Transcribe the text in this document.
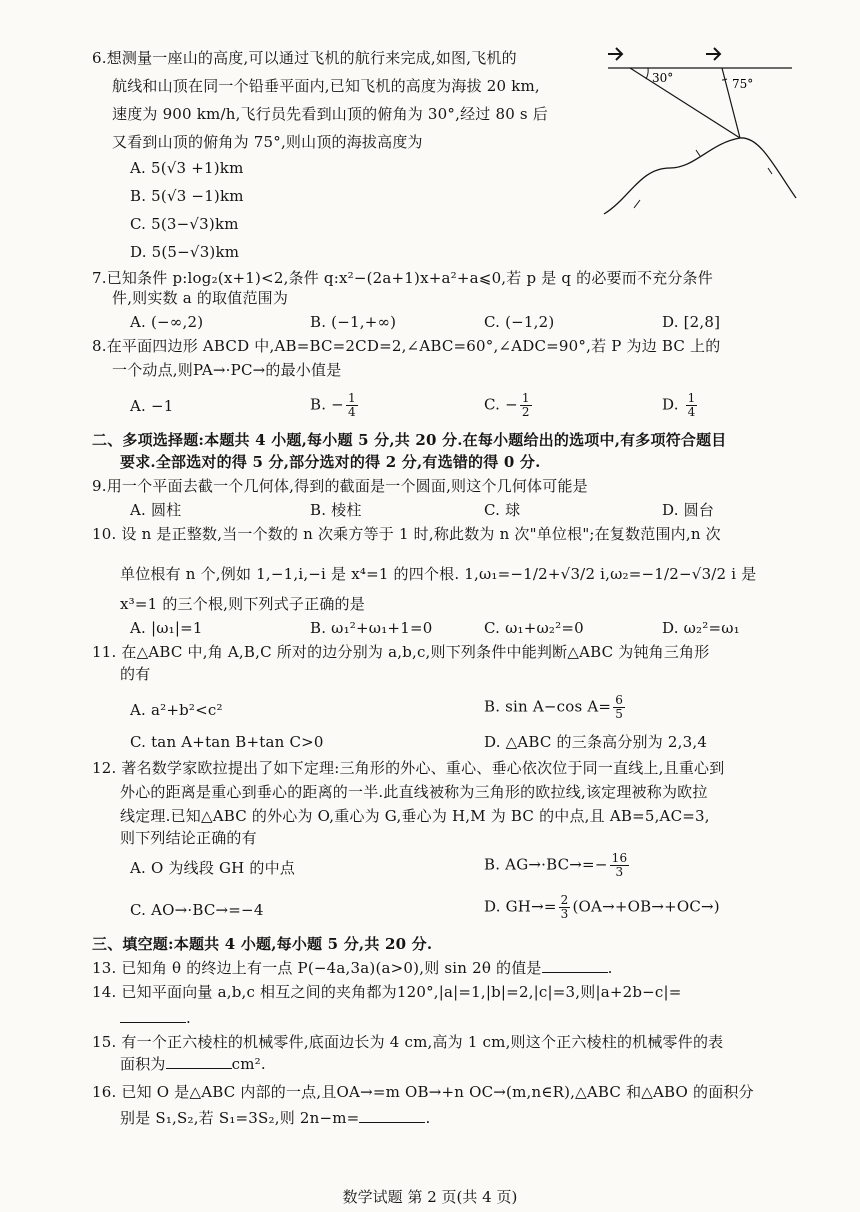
6.想测量一座山的高度,可以通过飞机的航行来完成,如图,飞机的
航线和山顶在同一个铅垂平面内,已知飞机的高度为海拔 20 km,
速度为 900 km/h,飞行员先看到山顶的俯角为 30°,经过 80 s 后
又看到山顶的俯角为 75°,则山顶的海拔高度为
A. 5(√3 +1)km
B. 5(√3 −1)km
C. 5(3−√3)km
D. 5(5−√3)km
30°	75°
7.已知条件 p:log₂(x+1)<2,条件 q:x²−(2a+1)x+a²+a⩽0,若 p 是 q 的必要而不充分条件
件,则实数 a 的取值范围为
A. (−∞,2)	B. (−1,+∞)	C. (−1,2)	D. [2,8]
8.在平面四边形 ABCD 中,AB=BC=2CD=2,∠ABC=60°,∠ADC=90°,若 P 为边 BC 上的
一个动点,则PA→·PC→的最小值是
A. −1	B. − $\frac{1}{4}$	C. − $\frac{1}{2}$	D. $\frac{1}{4}$
二、多项选择题:本题共 4 小题,每小题 5 分,共 20 分.在每小题给出的选项中,有多项符合题目
要求.全部选对的得 5 分,部分选对的得 2 分,有选错的得 0 分.
9.用一个平面去截一个几何体,得到的截面是一个圆面,则这个几何体可能是
A. 圆柱	B. 棱柱	C. 球	D. 圆台
10. 设 n 是正整数,当一个数的 n 次乘方等于 1 时,称此数为 n 次"单位根";在复数范围内,n 次
单位根有 n 个,例如 1,−1,i,−i 是 x⁴=1 的四个根. 1,ω₁=−1/2+√3/2 i,ω₂=−1/2−√3/2 i 是
x³=1 的三个根,则下列式子正确的是
A. |ω₁|=1	B. ω₁²+ω₁+1=0	C. ω₁+ω₂²=0	D. ω₂²=ω₁
11. 在△ABC 中,角 A,B,C 所对的边分别为 a,b,c,则下列条件中能判断△ABC 为钝角三角形
的有
A. a²+b²<c²	B. sin A−cos $A= \frac{6}{5}$
C. tan A+tan B+tan C>0	D. △ABC 的三条高分别为 2,3,4
12. 著名数学家欧拉提出了如下定理:三角形的外心、重心、垂心依次位于同一直线上,且重心到
外心的距离是重心到垂心的距离的一半.此直线被称为三角形的欧拉线,该定理被称为欧拉
线定理.已知△ABC 的外心为 O,重心为 G,垂心为 H,M 为 BC 的中点,且 AB=5,AC=3,
则下列结论正确的有
A. O 为线段 GH 的中点	B. $AG\to\cdot BC\to=- \frac{16}{3}$
C. AO→·BC→=−4	D. $GH\to= \frac{2}{3} (OA\to+OB\to+OC\to)$
三、填空题:本题共 4 小题,每小题 5 分,共 20 分.
13. 已知角 θ 的终边上有一点 P(−4a,3a)(a>0),则 sin 2θ 的值是	.
14. 已知平面向量 a,b,c 相互之间的夹角都为120°,|a|=1,|b|=2,|c|=3,则|a+2b−c|=
.
15. 有一个正六棱柱的机械零件,底面边长为 4 cm,高为 1 cm,则这个正六棱柱的机械零件的表
面积为	cm².
16. 已知 O 是△ABC 内部的一点,且OA→=m OB→+n OC→(m,n∈R),△ABC 和△ABO 的面积分
别是 S₁,S₂,若 S₁=3S₂,则 2n−m=	.
数学试题 第 2 页(共 4 页)
